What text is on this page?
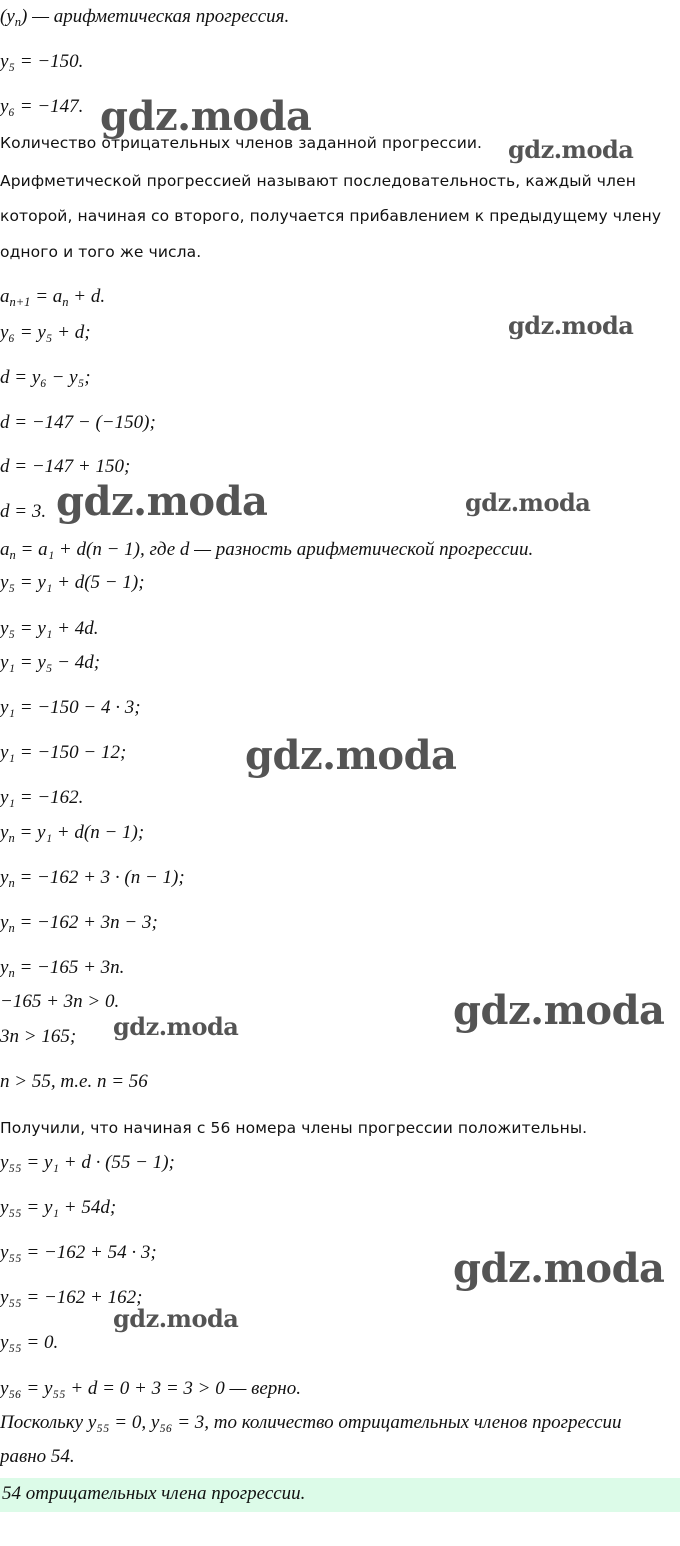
$(y_n)$ — арифметическая прогрессия.
y₅ = −150.
y₆ = −147.
Количество отрицательных членов заданной прогрессии.
Арифметической прогрессией называют последовательность, каждый член
которой, начиная со второго, получается прибавлением к предыдущему члену
одного и того же числа.
$a_{n+1} = a_n + d$.
y₆ = y₅ + d;
d = y₆ − y₅;
d = −147 − (−150);
d = −147 + 150;
d = 3.
$a_n = a_1 + d(n - 1)$, где d — разность арифметической прогрессии.
y₅ = y₁ + d(5 − 1);
y₅ = y₁ + 4d.
y₁ = y₅ − 4d;
y₁ = −150 − 4 · 3;
y₁ = −150 − 12;
y₁ = −162.
$y_n = y_1 + d(n - 1)$;
$y_n = -162 + 3 \cdot (n - 1)$;
$y_n = -162 + 3n - 3$;
$y_n = -165 + 3n$.
−165 + 3n > 0.
3n > 165;
n > 55, т.е. n = 56
Получили, что начиная с 56 номера члены прогрессии положительны.
y₅₅ = y₁ + d · (55 − 1);
y₅₅ = y₁ + 54d;
y₅₅ = −162 + 54 · 3;
y₅₅ = −162 + 162;
y₅₅ = 0.
y₅₆ = y₅₅ + d = 0 + 3 = 3 > 0 — верно.
Поскольку y₅₅ = 0, y₅₆ = 3, то количество отрицательных членов прогрессии
равно 54.
54 отрицательных члена прогрессии.
gdz.moda
gdz.moda
gdz.moda
gdz.moda	gdz.moda
gdz.moda
gdz.moda
gdz.moda
gdz.moda
gdz.moda
